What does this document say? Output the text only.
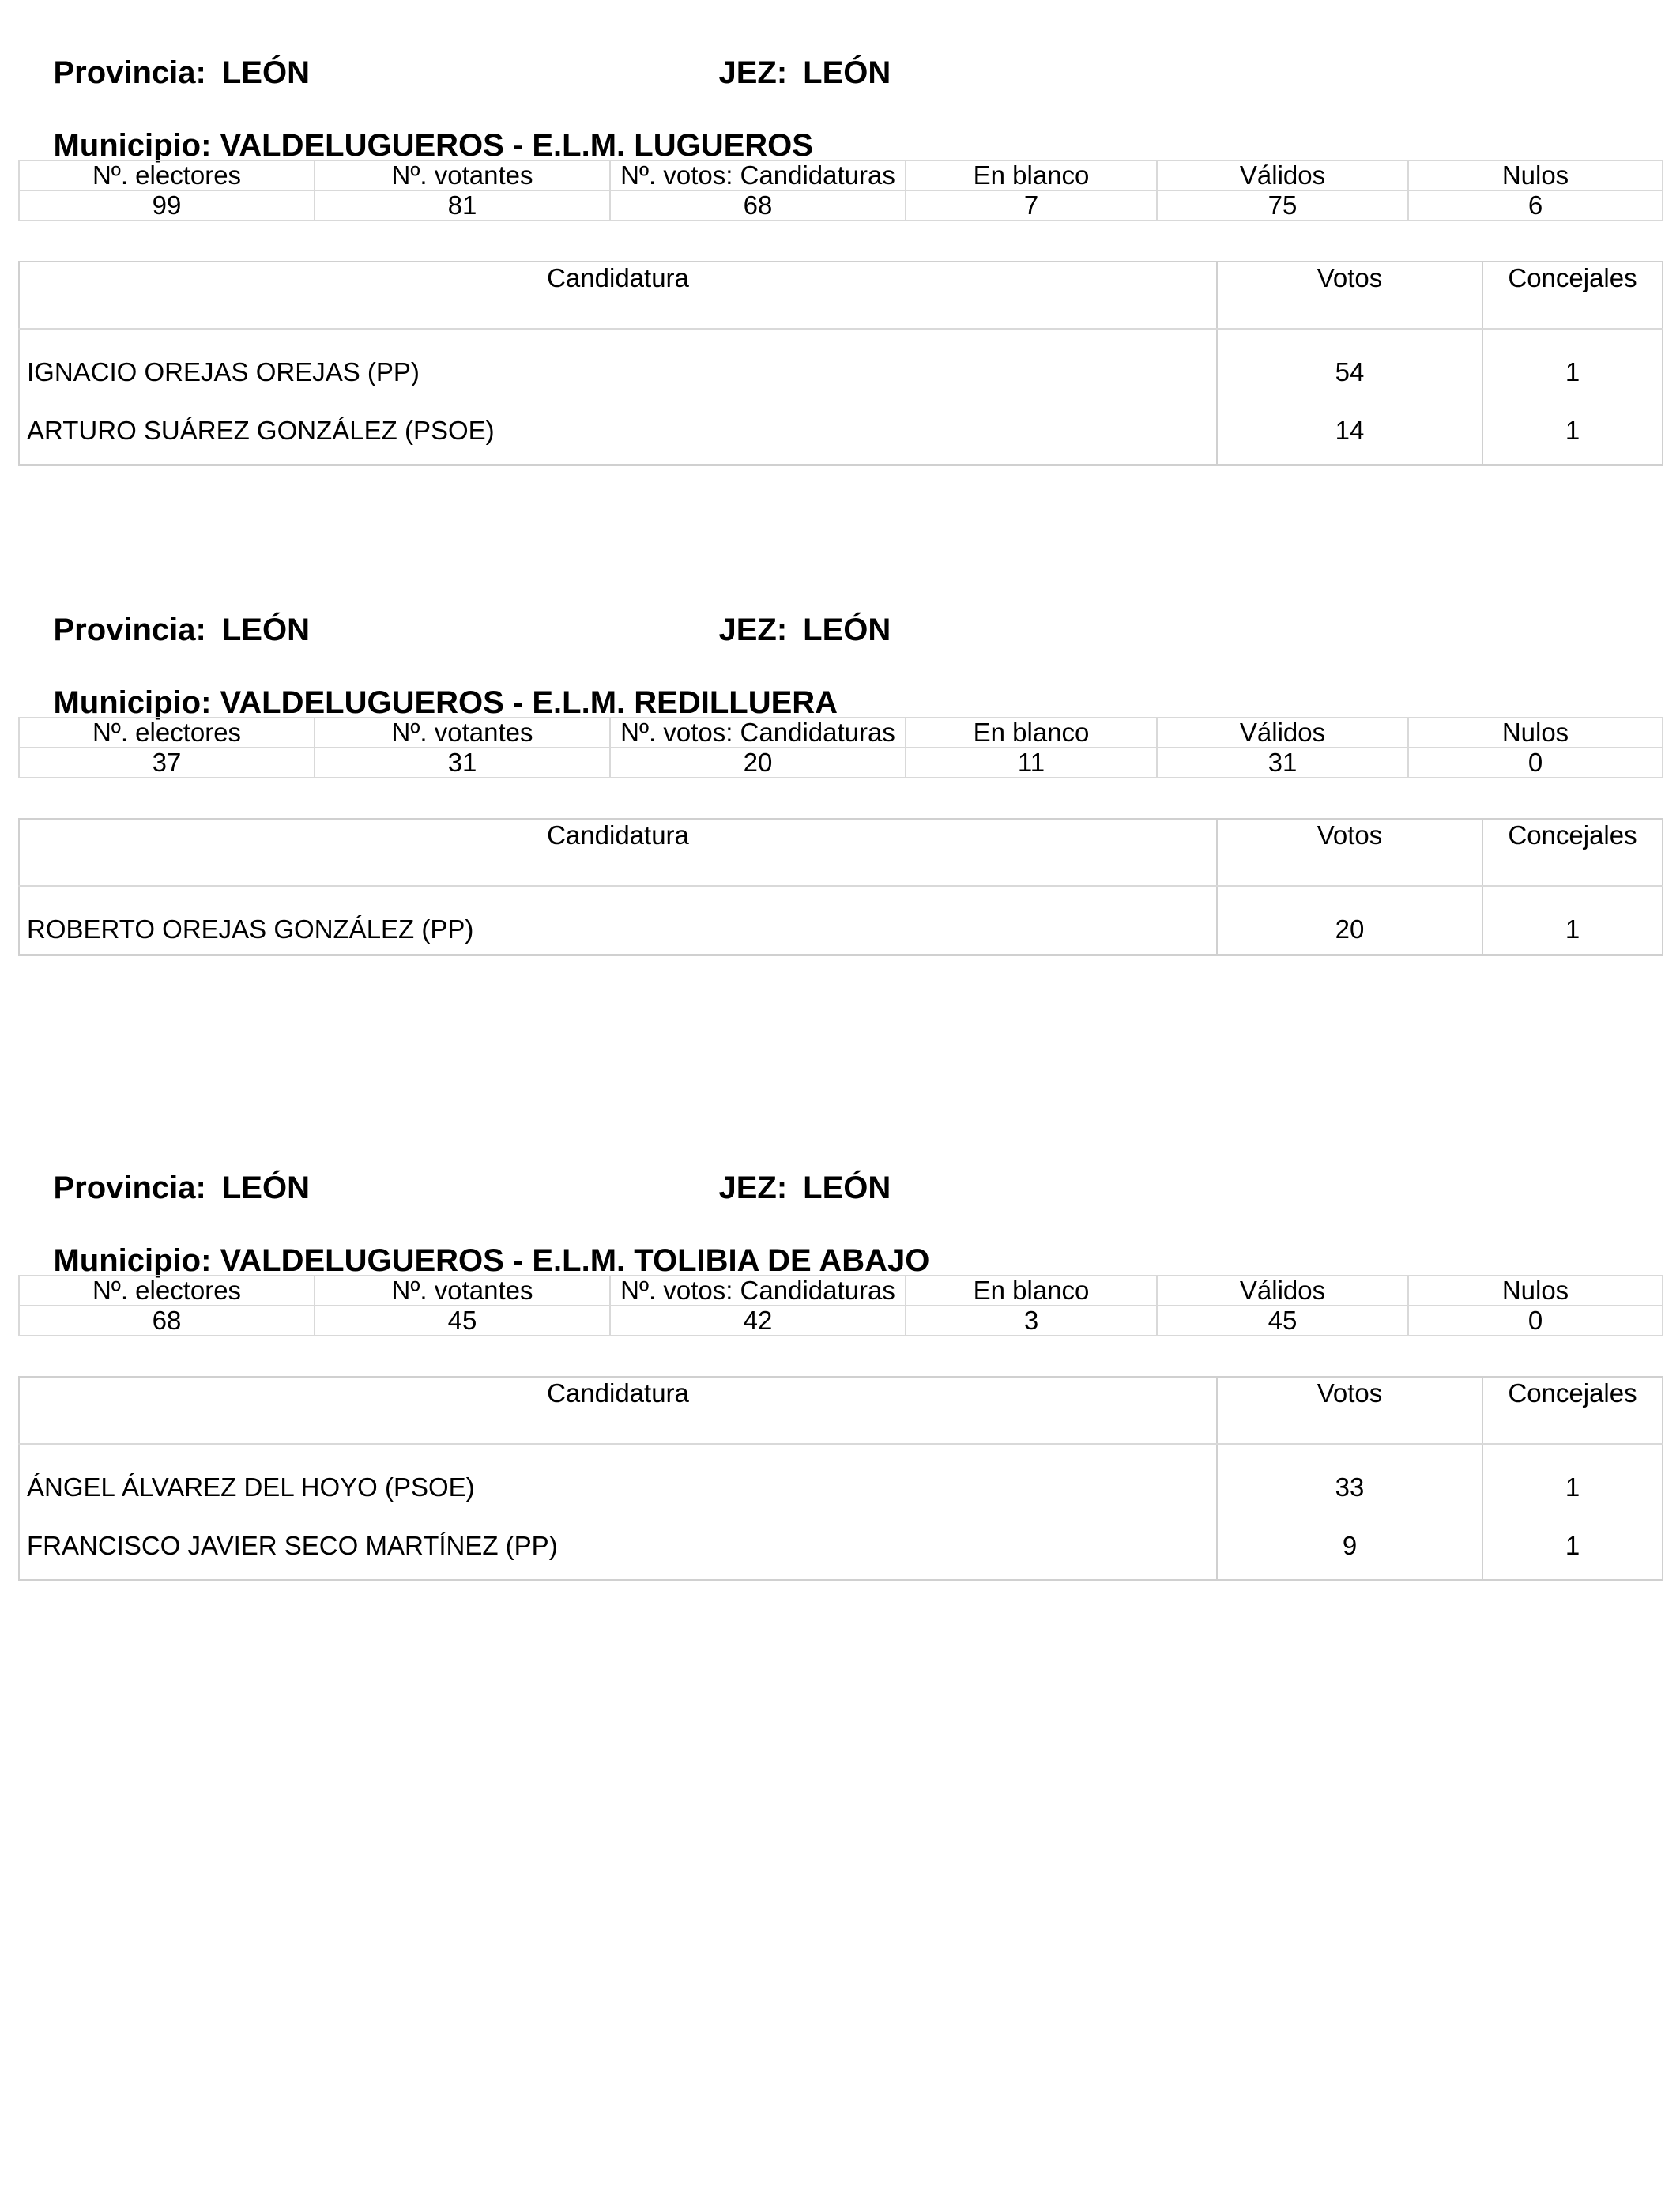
Provincia: LEÓN
	JEZ: LEÓN

Municipio: VALDELUGUEROS - E.L.M. LUGUEROS

Nº. electores	Nº. votantes	Nº. votos: Candidaturas	En blanco	Válidos	Nulos
99	81	68	7	75	6
Candidatura	Votos	Concejales
IGNACIO OREJAS OREJAS (PP)	54	1
ARTURO SUÁREZ GONZÁLEZ (PSOE)	14	1

Provincia: LEÓN
	JEZ: LEÓN

Municipio: VALDELUGUEROS - E.L.M. REDILLUERA

Nº. electores	Nº. votantes	Nº. votos: Candidaturas	En blanco	Válidos	Nulos
37	31	20	11	31	0
Candidatura	Votos	Concejales
ROBERTO OREJAS GONZÁLEZ (PP)	20	1

Provincia: LEÓN
	JEZ: LEÓN

Municipio: VALDELUGUEROS - E.L.M. TOLIBIA DE ABAJO

Nº. electores	Nº. votantes	Nº. votos: Candidaturas	En blanco	Válidos	Nulos
68	45	42	3	45	0
Candidatura	Votos	Concejales
ÁNGEL ÁLVAREZ DEL HOYO (PSOE)	33	1
FRANCISCO JAVIER SECO MARTÍNEZ (PP)	9	1
